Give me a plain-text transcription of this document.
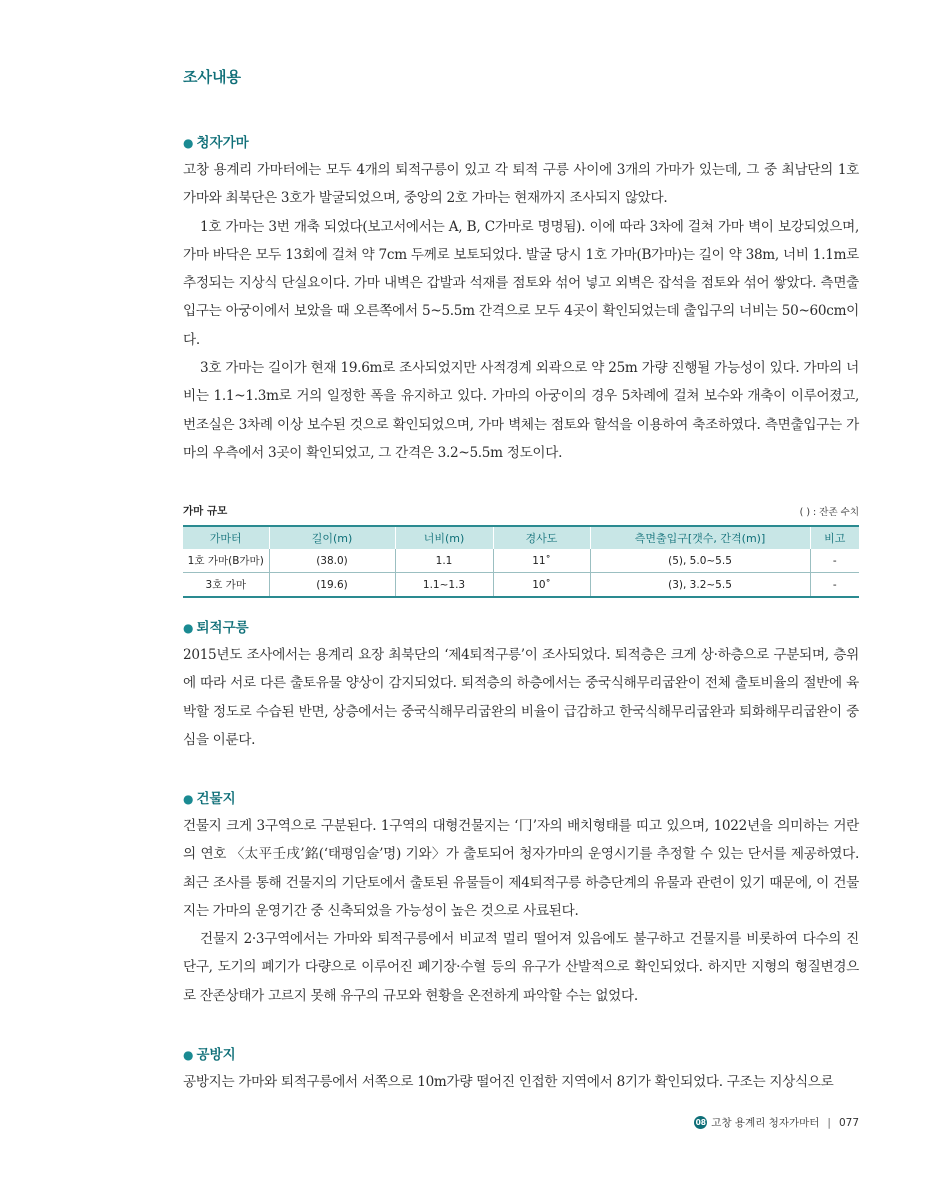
조사내용
● 청자가마

고창 용계리 가마터에는 모두 4개의 퇴적구릉이 있고 각 퇴적 구릉 사이에 3개의 가마가 있는데, 그 중 최남단의 1호 가마와 최북단은 3호가 발굴되었으며, 중앙의 2호 가마는 현재까지 조사되지 않았다.

1호 가마는 3번 개축 되었다(보고서에서는 A, B, C가마로 명명됨). 이에 따라 3차에 걸쳐 가마 벽이 보강되었으며, 가마 바닥은 모두 13회에 걸쳐 약 7cm 두께로 보토되었다. 발굴 당시 1호 가마(B가마)는 길이 약 38m, 너비 1.1m로 추정되는 지상식 단실요이다. 가마 내벽은 갑발과 석재를 점토와 섞어 넣고 외벽은 잡석을 점토와 섞어 쌓았다. 측면출입구는 아궁이에서 보았을 때 오른쪽에서 5~5.5m 간격으로 모두 4곳이 확인되었는데 출입구의 너비는 50~60cm이다.

3호 가마는 길이가 현재 19.6m로 조사되었지만 사적경계 외곽으로 약 25m 가량 진행될 가능성이 있다. 가마의 너비는 1.1~1.3m로 거의 일정한 폭을 유지하고 있다. 가마의 아궁이의 경우 5차례에 걸쳐 보수와 개축이 이루어졌고, 번조실은 3차례 이상 보수된 것으로 확인되었으며, 가마 벽체는 점토와 할석을 이용하여 축조하였다. 측면출입구는 가마의 우측에서 3곳이 확인되었고, 그 간격은 3.2~5.5m 정도이다.

가마 규모	( ) : 잔존 수치
가마터	길이(m)	너비(m)	경사도	측면출입구[갯수, 간격(m)]	비고
1호 가마(B가마)	(38.0)	1.1	11˚	(5), 5.0~5.5	-
3호 가마	(19.6)	1.1~1.3	10˚	(3), 3.2~5.5	-
● 퇴적구릉

2015년도 조사에서는 용계리 요장 최북단의 ‘제4퇴적구릉’이 조사되었다. 퇴적층은 크게 상·하층으로 구분되며, 층위에 따라 서로 다른 출토유물 양상이 감지되었다. 퇴적층의 하층에서는 중국식해무리굽완이 전체 출토비율의 절반에 육박할 정도로 수습된 반면, 상층에서는 중국식해무리굽완의 비율이 급감하고 한국식해무리굽완과 퇴화해무리굽완이 중심을 이룬다.

● 건물지

건물지 크게 3구역으로 구분된다. 1구역의 대형건물지는 ‘冂’자의 배치형태를 띠고 있으며, 1022년을 의미하는 거란의 연호 〈太平壬戌’銘(‘태평임술’명) 기와〉가 출토되어 청자가마의 운영시기를 추정할 수 있는 단서를 제공하였다. 최근 조사를 통해 건물지의 기단토에서 출토된 유물들이 제4퇴적구릉 하층단계의 유물과 관련이 있기 때문에, 이 건물지는 가마의 운영기간 중 신축되었을 가능성이 높은 것으로 사료된다.

건물지 2·3구역에서는 가마와 퇴적구릉에서 비교적 멀리 떨어져 있음에도 불구하고 건물지를 비롯하여 다수의 진단구, 도기의 폐기가 다량으로 이루어진 폐기장·수혈 등의 유구가 산발적으로 확인되었다. 하지만 지형의 형질변경으로 잔존상태가 고르지 못해 유구의 규모와 현황을 온전하게 파악할 수는 없었다.

● 공방지

공방지는 가마와 퇴적구릉에서 서쪽으로 10m가량 떨어진 인접한 지역에서 8기가 확인되었다. 구조는 지상식으로

08 고창 용계리 청자가마터 | 077
